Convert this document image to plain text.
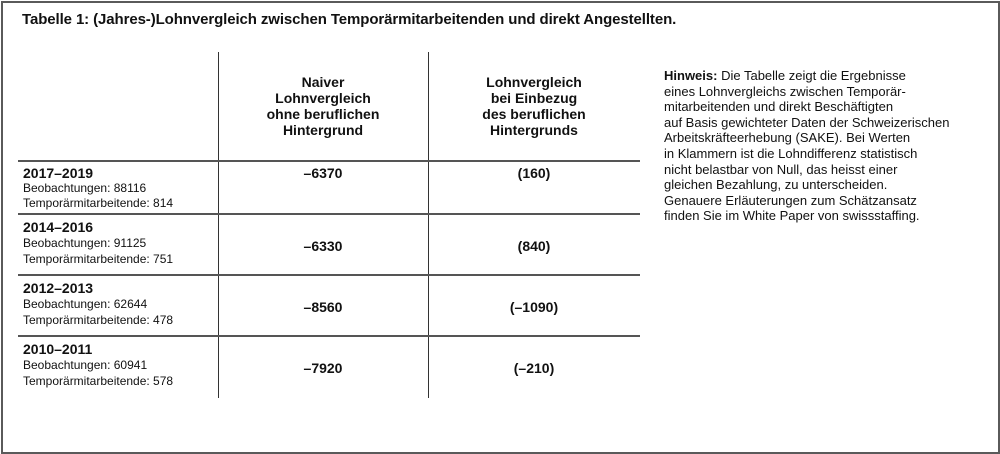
Tabelle 1: (Jahres-)Lohnvergleich zwischen Temporärmitarbeitenden und direkt Angestellten.
Naiver
Lohnvergleich
ohne beruflichen
Hintergrund
Lohnvergleich
bei Einbezug
des beruflichen
Hintergrunds
2017–2019
Beobachtungen: 88116
Temporärmitarbeitende: 814
–6370	(160)
2014–2016
Beobachtungen: 91125
Temporärmitarbeitende: 751
–6330	(840)
2012–2013
Beobachtungen: 62644
Temporärmitarbeitende: 478
–8560	(–1090)
2010–2011
Beobachtungen: 60941
Temporärmitarbeitende: 578
–7920	(–210)
Hinweis: Die Tabelle zeigt die Ergebnisse
eines Lohnvergleichs zwischen Temporär-
mitarbeitenden und direkt Beschäftigten
auf Basis gewichteter Daten der Schweizerischen
Arbeitskräfteerhebung (SAKE). Bei Werten
in Klammern ist die Lohndifferenz statistisch
nicht belastbar von Null, das heisst einer
gleichen Bezahlung, zu unterscheiden.
Genauere Erläuterungen zum Schätzansatz
finden Sie im White Paper von swissstaffing.
